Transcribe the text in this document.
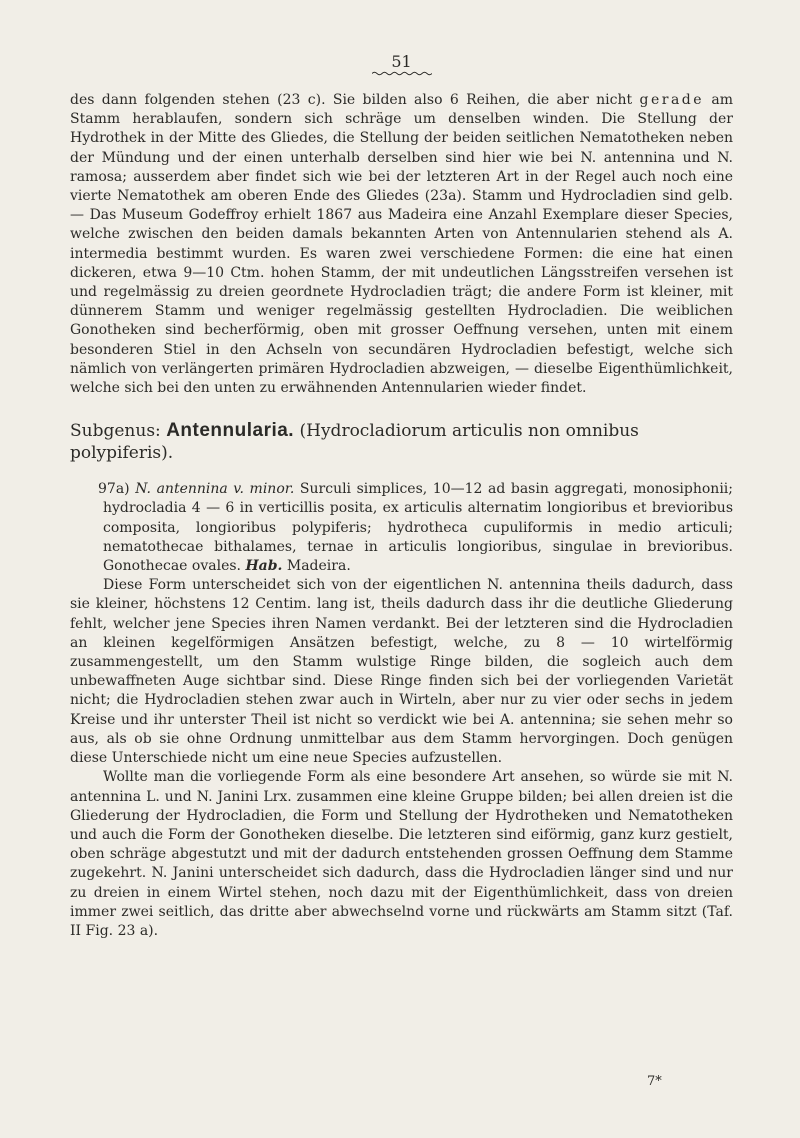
51

des dann folgenden stehen (23 c). Sie bilden also 6 Reihen, die aber nicht gerade am Stamm herablaufen, sondern sich schräge um denselben winden. Die Stellung der Hydrothek in der Mitte des Gliedes, die Stellung der beiden seitlichen Nematotheken neben der Mündung und der einen unterhalb derselben sind hier wie bei N. antennina und N. ramosa; ausserdem aber findet sich wie bei der letzteren Art in der Regel auch noch eine vierte Nematothek am oberen Ende des Gliedes (23a). Stamm und Hydrocladien sind gelb. — Das Museum Godeffroy erhielt 1867 aus Madeira eine Anzahl Exemplare dieser Species, welche zwischen den beiden damals bekannten Arten von Antennularien stehend als A. intermedia bestimmt wurden. Es waren zwei verschiedene Formen: die eine hat einen dickeren, etwa 9—10 Ctm. hohen Stamm, der mit undeutlichen Längsstreifen versehen ist und regelmässig zu dreien geordnete Hydrocladien trägt; die andere Form ist kleiner, mit dünnerem Stamm und weniger regelmässig gestellten Hydrocladien. Die weiblichen Gonotheken sind becherförmig, oben mit grosser Oeffnung versehen, unten mit einem besonderen Stiel in den Achseln von secundären Hydrocladien befestigt, welche sich nämlich von verlängerten primären Hydrocladien abzweigen, — dieselbe Eigenthümlichkeit, welche sich bei den unten zu erwähnenden Antennularien wieder findet.

Subgenus: Antennularia. (Hydrocladiorum articulis non omnibus polypiferis).

97a) N. antennina v. minor. Surculi simplices, 10—12 ad basin aggregati, monosiphonii; hydrocladia 4 — 6 in verticillis posita, ex articulis alternatim longioribus et brevioribus composita, longioribus polypiferis; hydrotheca cupuliformis in medio articuli; nematothecae bithalames, ternae in articulis longioribus, singulae in brevioribus. Gonothecae ovales. Hab. Madeira.

Diese Form unterscheidet sich von der eigentlichen N. antennina theils dadurch, dass sie kleiner, höchstens 12 Centim. lang ist, theils dadurch dass ihr die deutliche Gliederung fehlt, welcher jene Species ihren Namen verdankt. Bei der letzteren sind die Hydrocladien an kleinen kegelförmigen Ansätzen befestigt, welche, zu 8 — 10 wirtelförmig zusammengestellt, um den Stamm wulstige Ringe bilden, die sogleich auch dem unbewaffneten Auge sichtbar sind. Diese Ringe finden sich bei der vorliegenden Varietät nicht; die Hydrocladien stehen zwar auch in Wirteln, aber nur zu vier oder sechs in jedem Kreise und ihr unterster Theil ist nicht so verdickt wie bei A. antennina; sie sehen mehr so aus, als ob sie ohne Ordnung unmittelbar aus dem Stamm hervorgingen. Doch genügen diese Unterschiede nicht um eine neue Species aufzustellen.

Wollte man die vorliegende Form als eine besondere Art ansehen, so würde sie mit N. antennina L. und N. Janini Lrx. zusammen eine kleine Gruppe bilden; bei allen dreien ist die Gliederung der Hydrocladien, die Form und Stellung der Hydrotheken und Nematotheken und auch die Form der Gonotheken dieselbe. Die letzteren sind eiförmig, ganz kurz gestielt, oben schräge abgestutzt und mit der dadurch entstehenden grossen Oeffnung dem Stamme zugekehrt. N. Janini unterscheidet sich dadurch, dass die Hydrocladien länger sind und nur zu dreien in einem Wirtel stehen, noch dazu mit der Eigenthümlichkeit, dass von dreien immer zwei seitlich, das dritte aber abwechselnd vorne und rückwärts am Stamm sitzt (Taf. II Fig. 23 a).

7*
